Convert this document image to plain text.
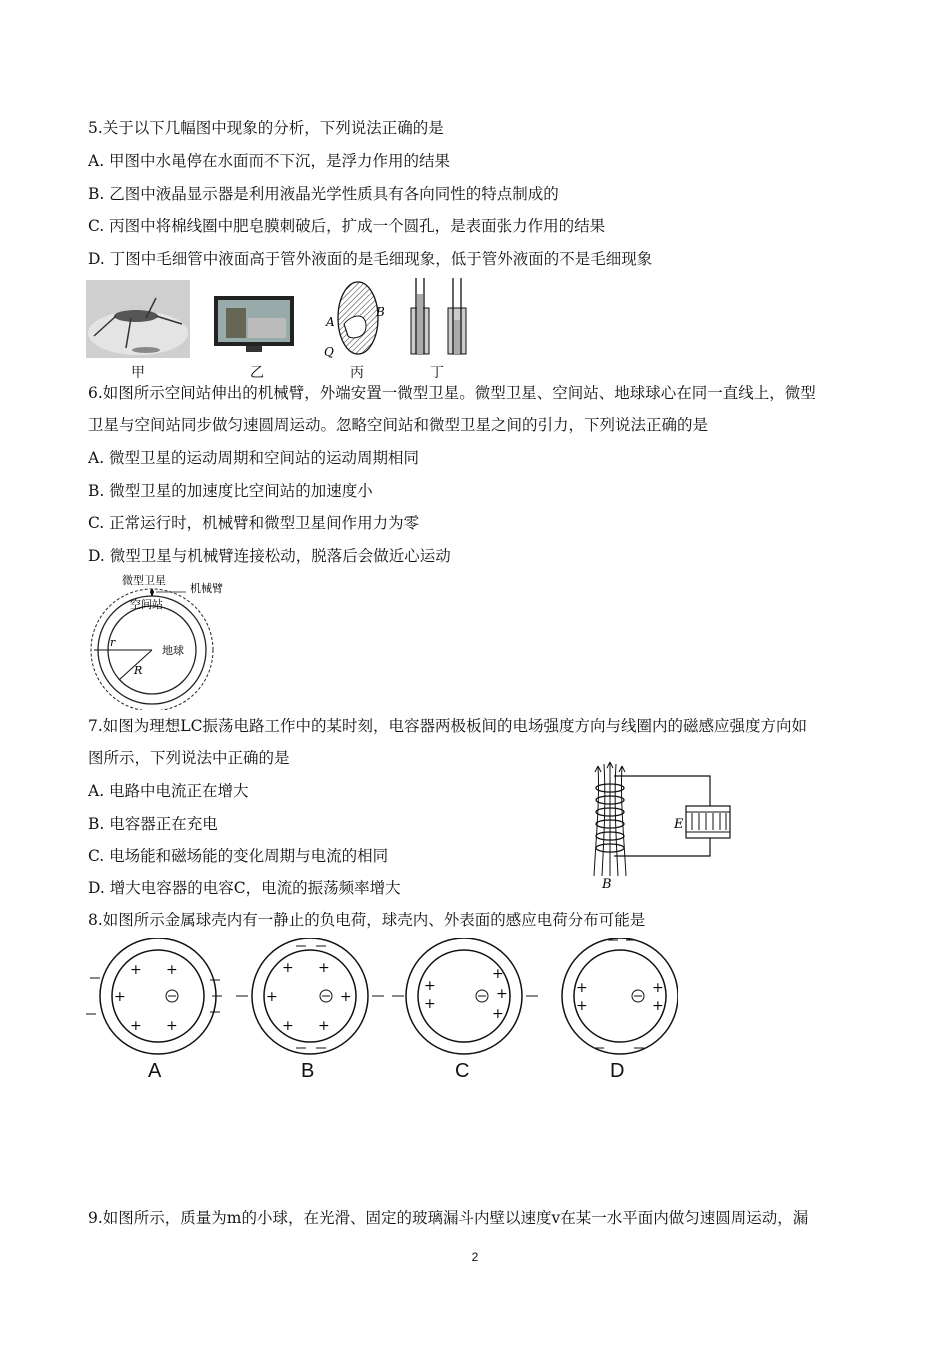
5.关于以下几幅图中现象的分析，下列说法正确的是
A. 甲图中水黾停在水面而不下沉，是浮力作用的结果
B. 乙图中液晶显示器是利用液晶光学性质具有各向同性的特点制成的
C. 丙图中将棉线圈中肥皂膜刺破后，扩成一个圆孔，是表面张力作用的结果
D. 丁图中毛细管中液面高于管外液面的是毛细现象，低于管外液面的不是毛细现象
A
B
Q
甲	乙	丙	丁
6.如图所示空间站伸出的机械臂，外端安置一微型卫星。微型卫星、空间站、地球球心在同一直线上，微型
卫星与空间站同步做匀速圆周运动。忽略空间站和微型卫星之间的引力，下列说法正确的是
A. 微型卫星的运动周期和空间站的运动周期相同
B. 微型卫星的加速度比空间站的加速度小
C. 正常运行时，机械臂和微型卫星间作用力为零
D. 微型卫星与机械臂连接松动，脱落后会做近心运动
微型卫星
机械臂
空间站
地球
r
R
7.如图为理想LC振荡电路工作中的某时刻，电容器两极板间的电场强度方向与线圈内的磁感应强度方向如
图所示，下列说法中正确的是
A. 电路中电流正在增大
B. 电容器正在充电
C. 电场能和磁场能的变化周期与电流的相同
D. 增大电容器的电容C，电流的振荡频率增大
E
B
8.如图所示金属球壳内有一静止的负电荷，球壳内、外表面的感应电荷分布可能是
+ +
+
+ +
+ +
+	+
+ +
+
+
+
+
+
+
+
+
+
A	B	C	D
9.如图所示，质量为m的小球，在光滑、固定的玻璃漏斗内壁以速度v在某一水平面内做匀速圆周运动，漏
2
